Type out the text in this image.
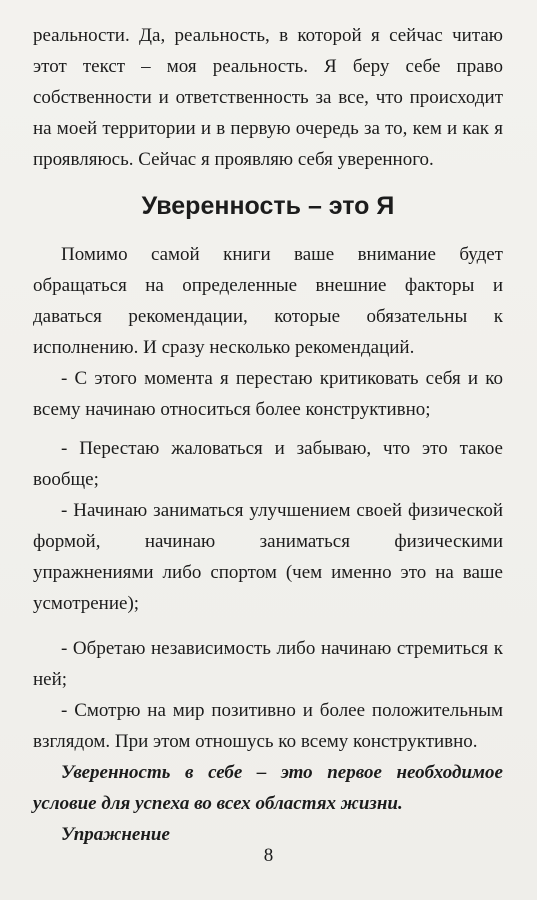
реальности. Да, реальность, в которой я сейчас читаю этот текст – моя реальность. Я беру себе право собственности и ответственность за все, что происходит на моей территории и в первую очередь за то, кем и как я проявляюсь. Сейчас я проявляю себя уверенного.

Уверенность – это Я

Помимо самой книги ваше внимание будет обращаться на определенные внешние факторы и даваться рекомендации, которые обязательны к исполнению. И сразу несколько рекомендаций.

- С этого момента я перестаю критиковать себя и ко всему начинаю относиться более конструктивно;

- Перестаю жаловаться и забываю, что это такое вообще;

- Начинаю заниматься улучшением своей физической формой, начинаю заниматься физическими упражнениями либо спортом (чем именно это на ваше усмотрение);

- Обретаю независимость либо начинаю стремиться к ней;

- Смотрю на мир позитивно и более положительным взглядом. При этом отношусь ко всему конструктивно.

Уверенность в себе – это первое необходимое условие для успеха во всех областях жизни.

Упражнение

8
